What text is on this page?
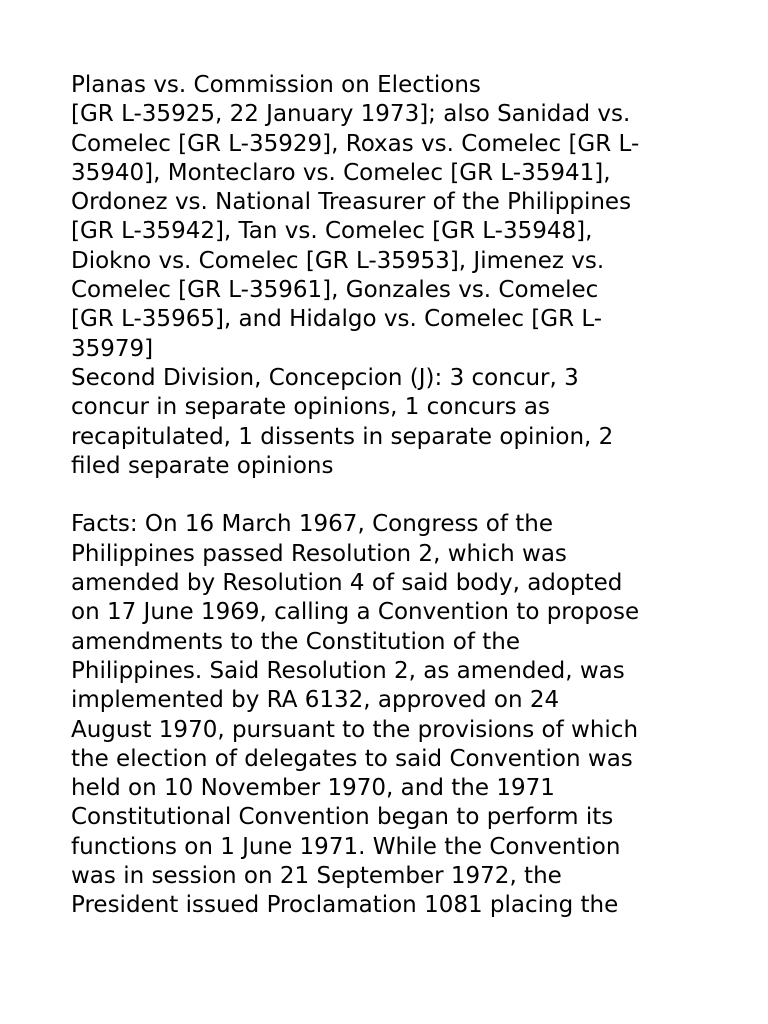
Planas vs. Commission on Elections
[GR L-35925, 22 January 1973]; also Sanidad vs.
Comelec [GR L-35929], Roxas vs. Comelec [GR L-
35940], Monteclaro vs. Comelec [GR L-35941],
Ordonez vs. National Treasurer of the Philippines
[GR L-35942], Tan vs. Comelec [GR L-35948],
Diokno vs. Comelec [GR L-35953], Jimenez vs.
Comelec [GR L-35961], Gonzales vs. Comelec
[GR L-35965], and Hidalgo vs. Comelec [GR L-
35979]
Second Division, Concepcion (J): 3 concur, 3
concur in separate opinions, 1 concurs as
recapitulated, 1 dissents in separate opinion, 2
filed separate opinions
Facts: On 16 March 1967, Congress of the
Philippines passed Resolution 2, which was
amended by Resolution 4 of said body, adopted
on 17 June 1969, calling a Convention to propose
amendments to the Constitution of the
Philippines. Said Resolution 2, as amended, was
implemented by RA 6132, approved on 24
August 1970, pursuant to the provisions of which
the election of delegates to said Convention was
held on 10 November 1970, and the 1971
Constitutional Convention began to perform its
functions on 1 June 1971. While the Convention
was in session on 21 September 1972, the
President issued Proclamation 1081 placing the
